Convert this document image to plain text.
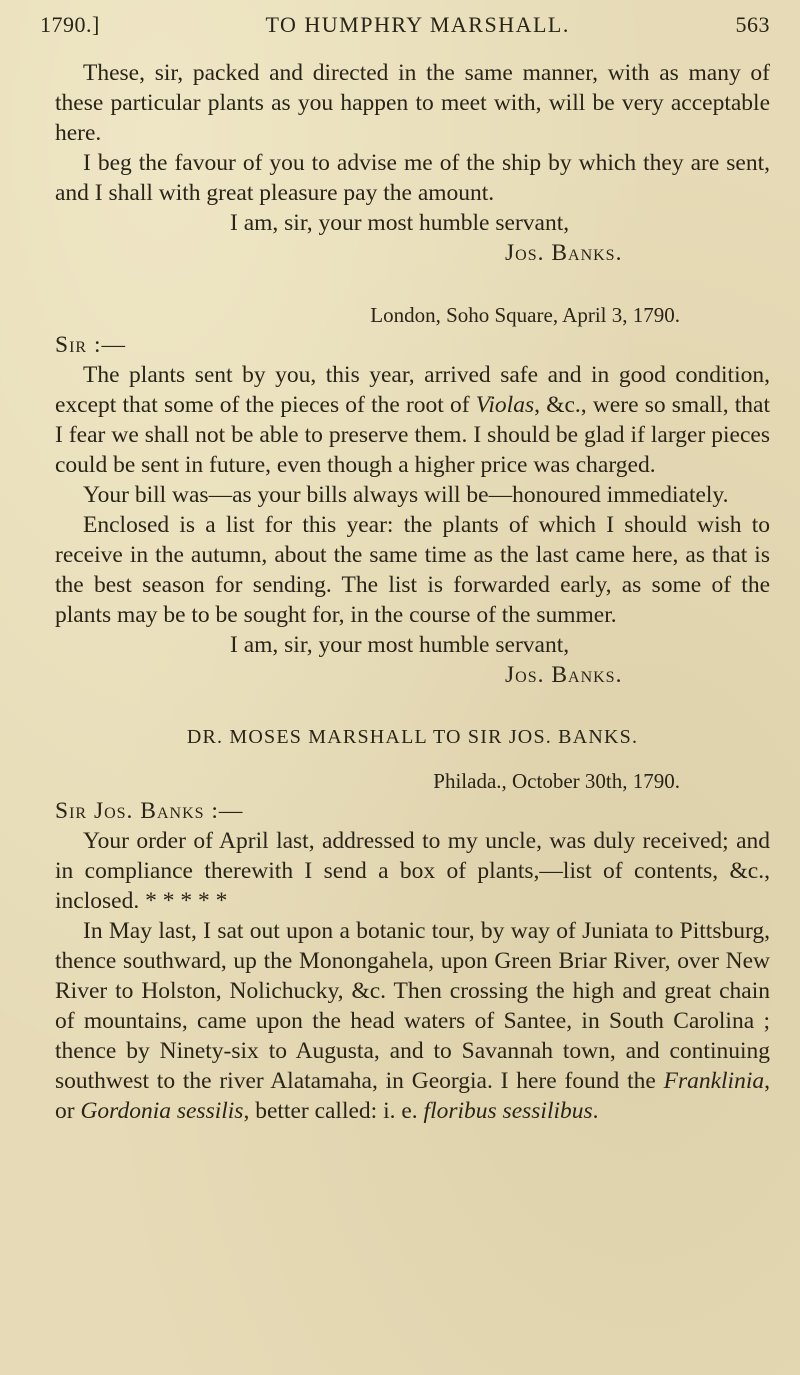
1790.]	TO HUMPHRY MARSHALL.	563

These, sir, packed and directed in the same manner, with as many of these particular plants as you happen to meet with, will be very acceptable here.

I beg the favour of you to advise me of the ship by which they are sent, and I shall with great pleasure pay the amount.

I am, sir, your most humble servant,

Jos. Banks.

London, Soho Square, April 3, 1790.

Sir :—

The plants sent by you, this year, arrived safe and in good condition, except that some of the pieces of the root of Violas, &c., were so small, that I fear we shall not be able to preserve them. I should be glad if larger pieces could be sent in future, even though a higher price was charged.

Your bill was—as your bills always will be—honoured immediately.

Enclosed is a list for this year: the plants of which I should wish to receive in the autumn, about the same time as the last came here, as that is the best season for sending. The list is forwarded early, as some of the plants may be to be sought for, in the course of the summer.

I am, sir, your most humble servant,

Jos. Banks.

DR. MOSES MARSHALL TO SIR JOS. BANKS.

Philada., October 30th, 1790.

Sir Jos. Banks :—

Your order of April last, addressed to my uncle, was duly received; and in compliance therewith I send a box of plants,—list of contents, &c., inclosed. * * * * *

In May last, I sat out upon a botanic tour, by way of Juniata to Pittsburg, thence southward, up the Monongahela, upon Green Briar River, over New River to Holston, Nolichucky, &c. Then crossing the high and great chain of mountains, came upon the head waters of Santee, in South Carolina ; thence by Ninety-six to Augusta, and to Savannah town, and continuing southwest to the river Alatamaha, in Georgia. I here found the Franklinia, or Gordonia sessilis, better called: i. e. floribus sessilibus.
